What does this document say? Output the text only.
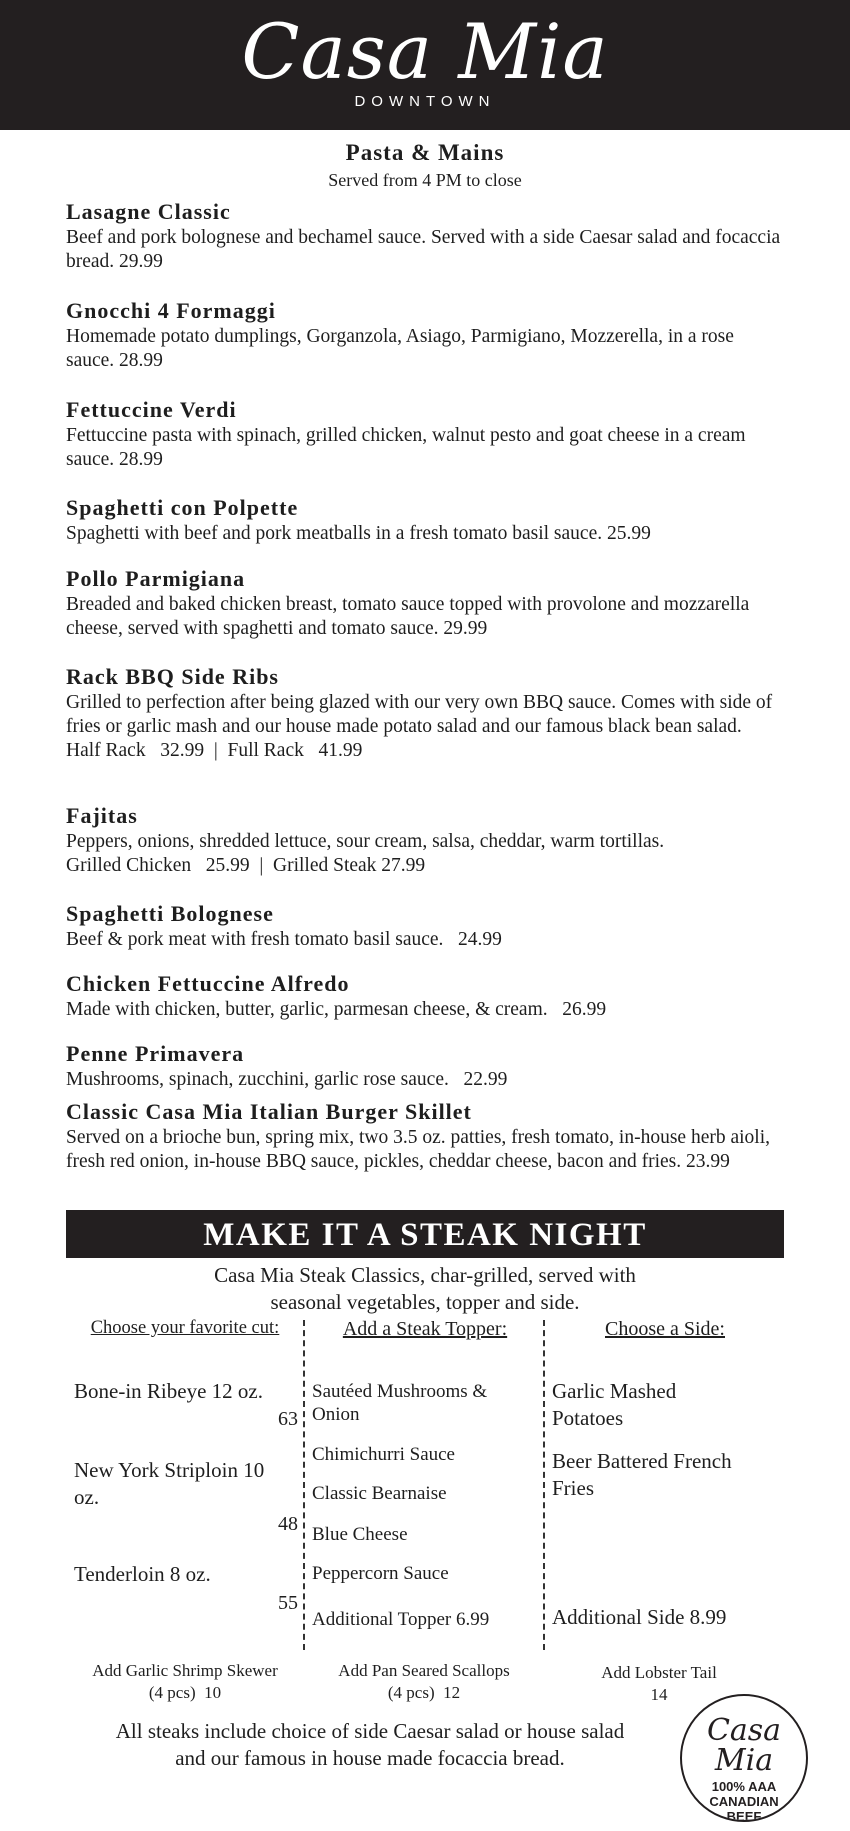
Casa Mia
DOWNTOWN
Pasta & Mains
Served from 4 PM to close
Lasagne Classic
Beef and pork bolognese and bechamel sauce. Served with a side Caesar salad and focaccia bread. 29.99
Gnocchi 4 Formaggi
Homemade potato dumplings, Gorganzola, Asiago, Parmigiano, Mozzerella, in a rose sauce. 28.99
Fettuccine Verdi
Fettuccine pasta with spinach, grilled chicken, walnut pesto and goat cheese in a cream sauce. 28.99
Spaghetti con Polpette
Spaghetti with beef and pork meatballs in a fresh tomato basil sauce. 25.99
Pollo Parmigiana
Breaded and baked chicken breast, tomato sauce topped with provolone and mozzarella cheese, served with spaghetti and tomato sauce. 29.99
Rack BBQ Side Ribs
Grilled to perfection after being glazed with our very own BBQ sauce. Comes with side of fries or garlic mash and our house made potato salad and our famous black bean salad.
Half Rack   32.99  |  Full Rack   41.99
Fajitas
Peppers, onions, shredded lettuce, sour cream, salsa, cheddar, warm tortillas.
Grilled Chicken   25.99  |  Grilled Steak 27.99
Spaghetti Bolognese
Beef & pork meat with fresh tomato basil sauce.   24.99
Chicken Fettuccine Alfredo
Made with chicken, butter, garlic, parmesan cheese, & cream.   26.99
Penne Primavera
Mushrooms, spinach, zucchini, garlic rose sauce.   22.99
Classic Casa Mia Italian Burger Skillet
Served on a brioche bun, spring mix, two 3.5 oz. patties, fresh tomato, in-house herb aioli, fresh red onion, in-house BBQ sauce, pickles, cheddar cheese, bacon and fries. 23.99
MAKE IT A STEAK NIGHT
Casa Mia Steak Classics, char-grilled, served with
seasonal vegetables, topper and side.
Choose your favorite cut:	Add a Steak Topper:	Choose a Side:
Bone-in Ribeye 12 oz.
63
New York Striploin 10 oz.
48
Tenderloin 8 oz.
55
Sautéed Mushrooms & Onion
Chimichurri Sauce
Classic Bearnaise
Blue Cheese
Peppercorn Sauce
Additional Topper 6.99
Garlic Mashed Potatoes
Beer Battered French Fries
Additional Side 8.99
Add Garlic Shrimp Skewer
(4 pcs)  10
Add Pan Seared Scallops
(4 pcs)  12
Add Lobster Tail
14
All steaks include choice of side Caesar salad or house salad
and our famous in house made focaccia bread.
Casa Mia
100% AAA
CANADIAN
BEEF
